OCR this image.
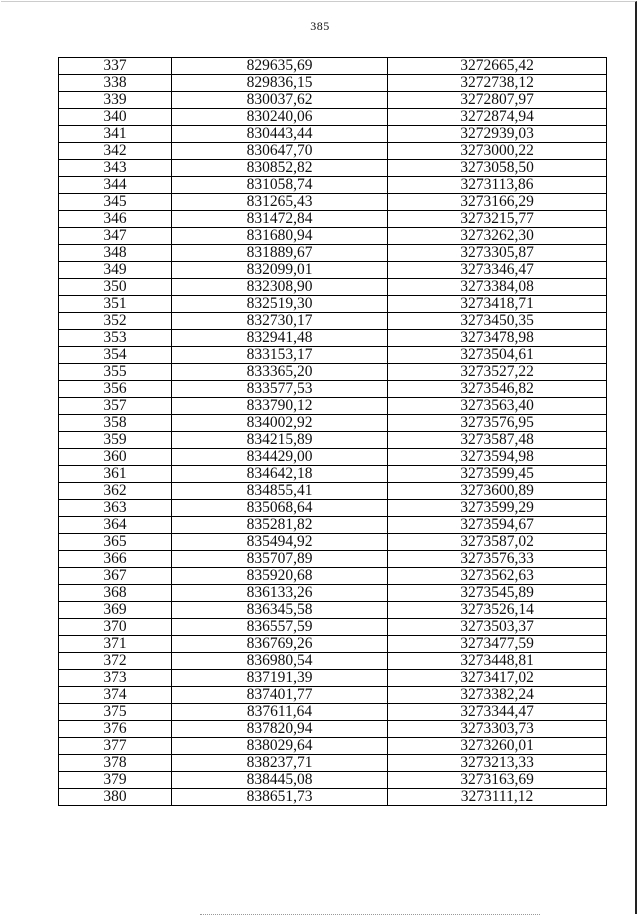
385
337	829635,69	3272665,42
338	829836,15	3272738,12
339	830037,62	3272807,97
340	830240,06	3272874,94
341	830443,44	3272939,03
342	830647,70	3273000,22
343	830852,82	3273058,50
344	831058,74	3273113,86
345	831265,43	3273166,29
346	831472,84	3273215,77
347	831680,94	3273262,30
348	831889,67	3273305,87
349	832099,01	3273346,47
350	832308,90	3273384,08
351	832519,30	3273418,71
352	832730,17	3273450,35
353	832941,48	3273478,98
354	833153,17	3273504,61
355	833365,20	3273527,22
356	833577,53	3273546,82
357	833790,12	3273563,40
358	834002,92	3273576,95
359	834215,89	3273587,48
360	834429,00	3273594,98
361	834642,18	3273599,45
362	834855,41	3273600,89
363	835068,64	3273599,29
364	835281,82	3273594,67
365	835494,92	3273587,02
366	835707,89	3273576,33
367	835920,68	3273562,63
368	836133,26	3273545,89
369	836345,58	3273526,14
370	836557,59	3273503,37
371	836769,26	3273477,59
372	836980,54	3273448,81
373	837191,39	3273417,02
374	837401,77	3273382,24
375	837611,64	3273344,47
376	837820,94	3273303,73
377	838029,64	3273260,01
378	838237,71	3273213,33
379	838445,08	3273163,69
380	838651,73	3273111,12
